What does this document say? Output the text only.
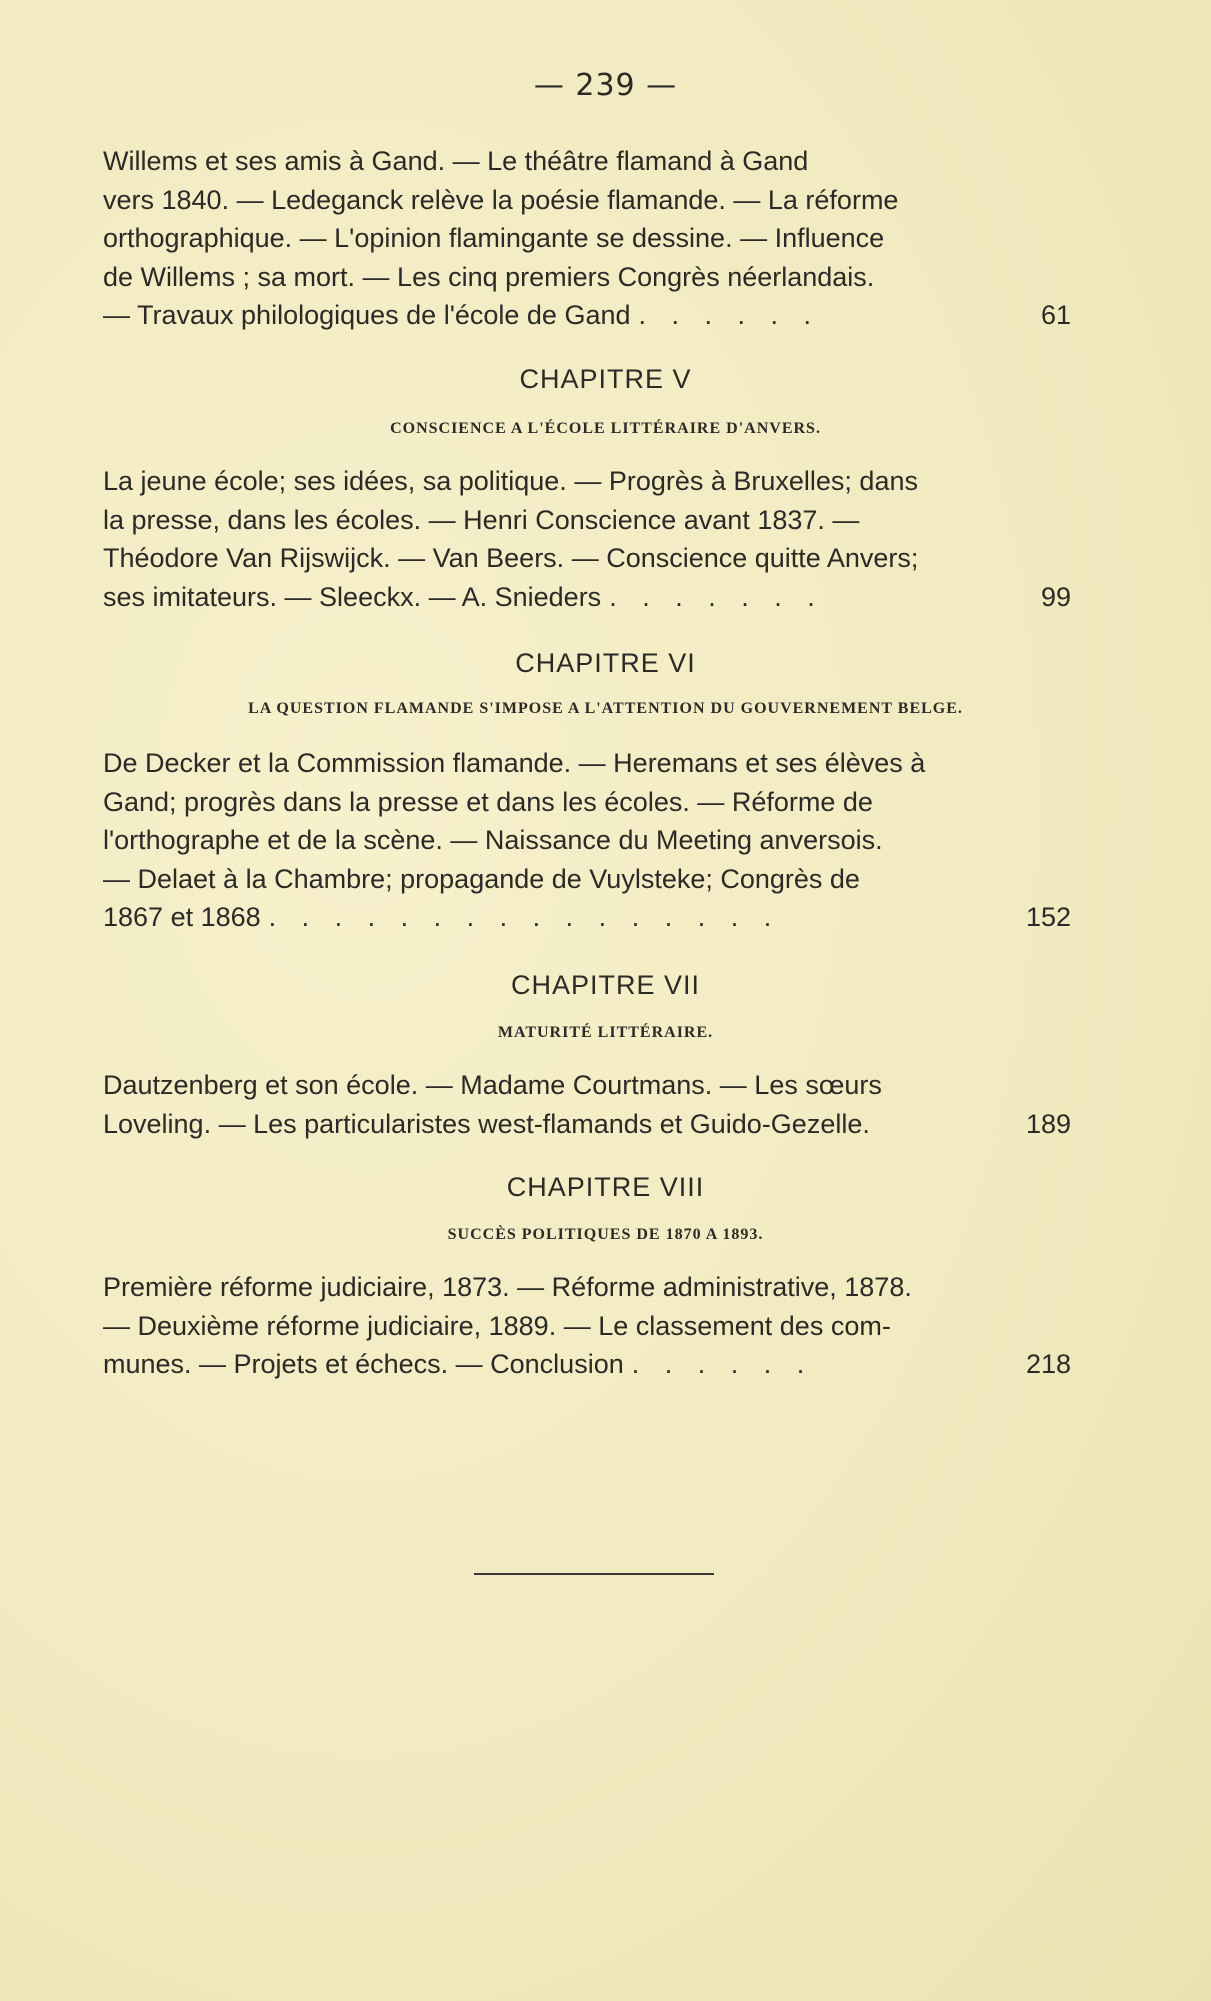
— 239 —
Willems et ses amis à Gand. — Le théâtre flamand à Gand
vers 1840. — Ledeganck relève la poésie flamande. — La réforme
orthographique. — L'opinion flamingante se dessine. — Influence
de Willems ; sa mort. — Les cinq premiers Congrès néerlandais.
— Travaux philologiques de l'école de Gand . . . . . .	61
CHAPITRE V
CONSCIENCE A L'ÉCOLE LITTÉRAIRE D'ANVERS.
La jeune école; ses idées, sa politique. — Progrès à Bruxelles; dans
la presse, dans les écoles. — Henri Conscience avant 1837. —
Théodore Van Rijswijck. — Van Beers. — Conscience quitte Anvers;
ses imitateurs. — Sleeckx. — A. Snieders . . . . . . .	99
CHAPITRE VI
LA QUESTION FLAMANDE S'IMPOSE A L'ATTENTION DU GOUVERNEMENT BELGE.
De Decker et la Commission flamande. — Heremans et ses élèves à
Gand; progrès dans la presse et dans les écoles. — Réforme de
l'orthographe et de la scène. — Naissance du Meeting anversois.
— Delaet à la Chambre; propagande de Vuylsteke; Congrès de
1867 et 1868 . . . . . . . . . . . . . . . .	152
CHAPITRE VII
MATURITÉ LITTÉRAIRE.
Dautzenberg et son école. — Madame Courtmans. — Les sœurs
Loveling. — Les particularistes west-flamands et Guido-Gezelle.	189
CHAPITRE VIII
SUCCÈS POLITIQUES DE 1870 A 1893.
Première réforme judiciaire, 1873. — Réforme administrative, 1878.
— Deuxième réforme judiciaire, 1889. — Le classement des com-
munes. — Projets et échecs. — Conclusion . . . . . .	218
